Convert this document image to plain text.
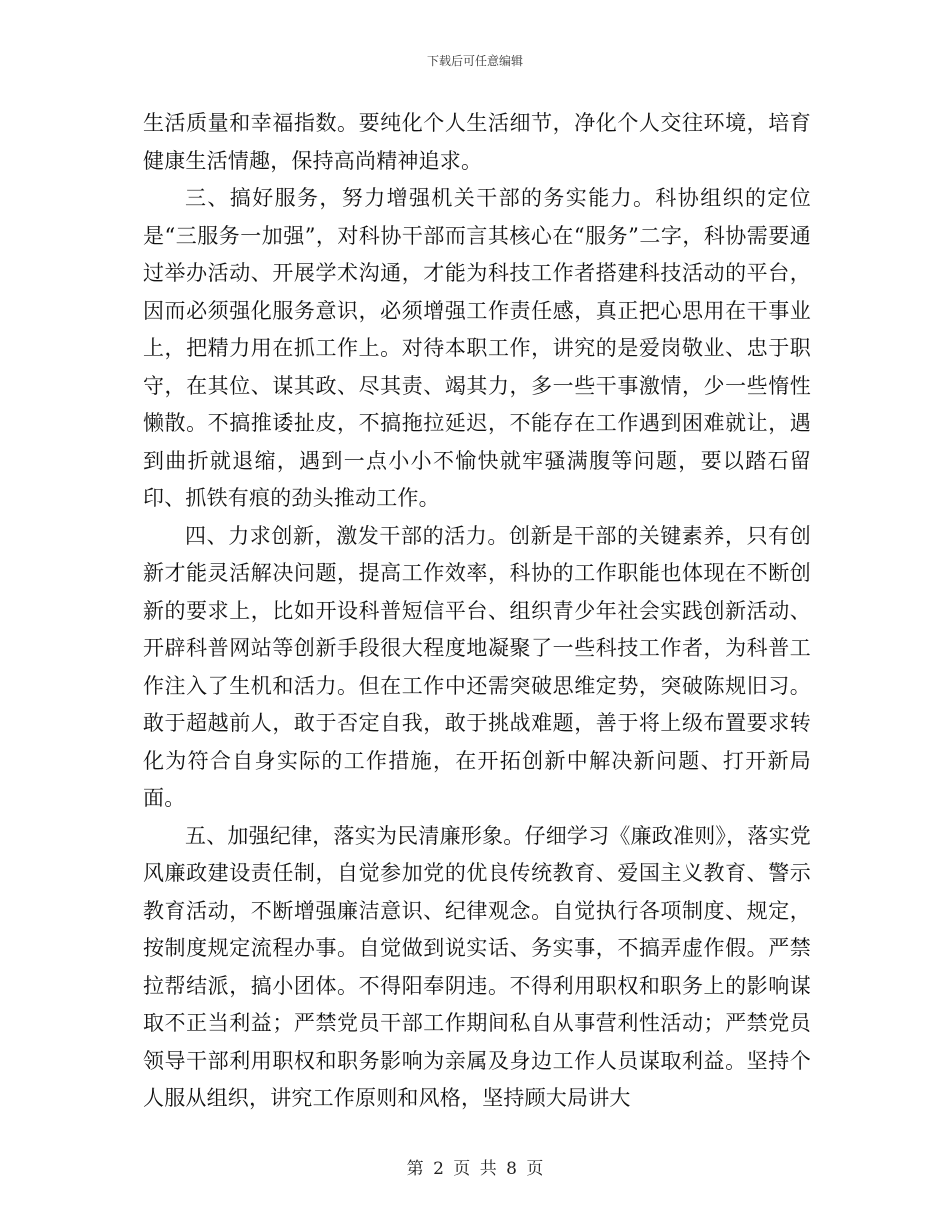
下载后可任意编辑

生活质量和幸福指数。要纯化个人生活细节，净化个人交往环境，培育健康生活情趣，保持高尚精神追求。

三、搞好服务，努力增强机关干部的务实能力。科协组织的定位是“三服务一加强”，对科协干部而言其核心在“服务”二字，科协需要通过举办活动、开展学术沟通，才能为科技工作者搭建科技活动的平台，因而必须强化服务意识，必须增强工作责任感，真正把心思用在干事业上，把精力用在抓工作上。对待本职工作，讲究的是爱岗敬业、忠于职守，在其位、谋其政、尽其责、竭其力，多一些干事激情，少一些惰性懒散。不搞推诿扯皮，不搞拖拉延迟，不能存在工作遇到困难就让，遇到曲折就退缩，遇到一点小小不愉快就牢骚满腹等问题，要以踏石留印、抓铁有痕的劲头推动工作。

四、力求创新，激发干部的活力。创新是干部的关键素养，只有创新才能灵活解决问题，提高工作效率，科协的工作职能也体现在不断创新的要求上，比如开设科普短信平台、组织青少年社会实践创新活动、开辟科普网站等创新手段很大程度地凝聚了一些科技工作者，为科普工作注入了生机和活力。但在工作中还需突破思维定势，突破陈规旧习。敢于超越前人，敢于否定自我，敢于挑战难题，善于将上级布置要求转化为符合自身实际的工作措施，在开拓创新中解决新问题、打开新局面。

五、加强纪律，落实为民清廉形象。仔细学习《廉政准则》，落实党风廉政建设责任制，自觉参加党的优良传统教育、爱国主义教育、警示教育活动，不断增强廉洁意识、纪律观念。自觉执行各项制度、规定，按制度规定流程办事。自觉做到说实话、务实事，不搞弄虚作假。严禁拉帮结派，搞小团体。不得阳奉阴违。不得利用职权和职务上的影响谋取不正当利益；严禁党员干部工作期间私自从事营利性活动；严禁党员领导干部利用职权和职务影响为亲属及身边工作人员谋取利益。坚持个人服从组织，讲究工作原则和风格，坚持顾大局讲大

第 2 页 共 8 页
